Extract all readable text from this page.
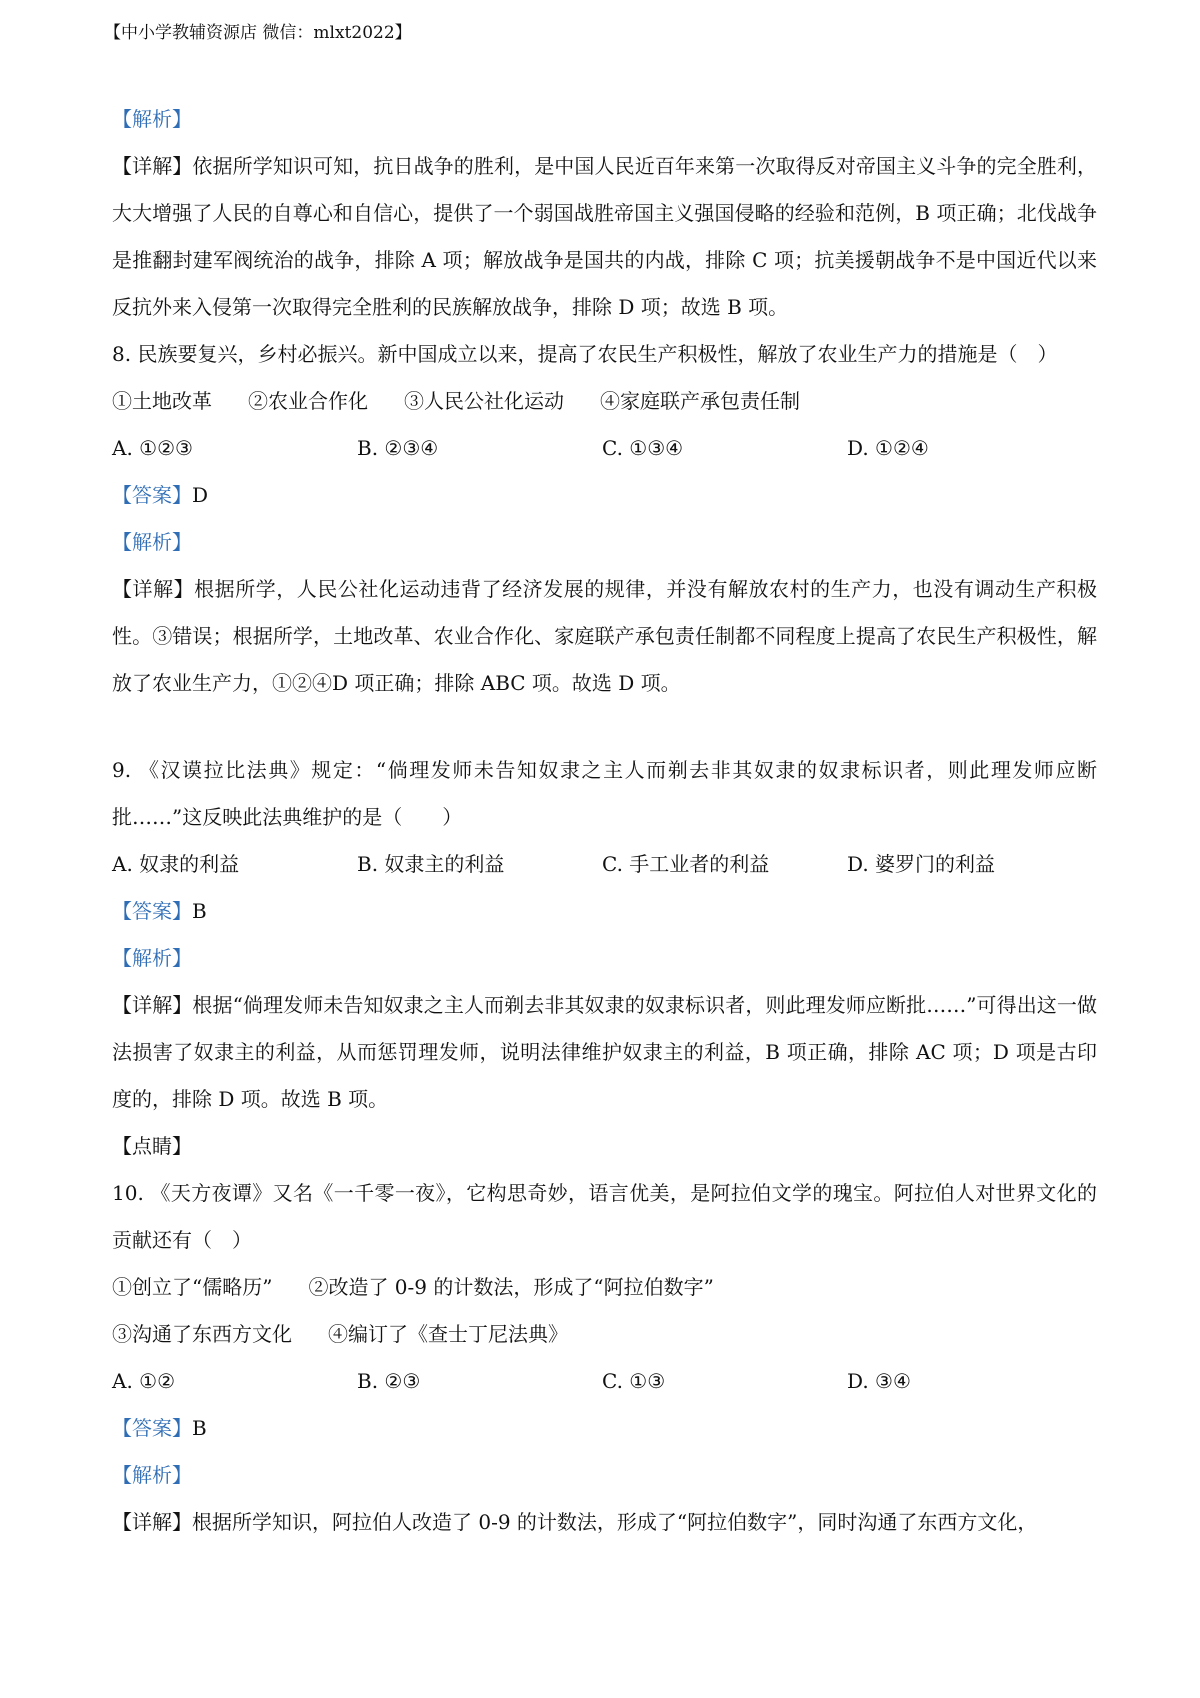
【中小学教辅资源店 微信：mlxt2022】

【解析】

【详解】依据所学知识可知，抗日战争的胜利，是中国人民近百年来第一次取得反对帝国主义斗争的完全胜利，大大增强了人民的自尊心和自信心，提供了一个弱国战胜帝国主义强国侵略的经验和范例，B 项正确；北伐战争是推翻封建军阀统治的战争，排除 A 项；解放战争是国共的内战，排除 C 项；抗美援朝战争不是中国近代以来反抗外来入侵第一次取得完全胜利的民族解放战争，排除 D 项；故选 B 项。

8. 民族要复兴，乡村必振兴。新中国成立以来，提高了农民生产积极性，解放了农业生产力的措施是（　）

①土地改革 ②农业合作化 ③人民公社化运动 ④家庭联产承包责任制

A. ①②③	B. ②③④	C. ①③④	D. ①②④

【答案】D

【解析】

【详解】根据所学，人民公社化运动违背了经济发展的规律，并没有解放农村的生产力，也没有调动生产积极性。③错误；根据所学，土地改革、农业合作化、家庭联产承包责任制都不同程度上提高了农民生产积极性，解放了农业生产力，①②④D 项正确；排除 ABC 项。故选 D 项。

9. 《汉谟拉比法典》规定：“倘理发师未告知奴隶之主人而剃去非其奴隶的奴隶标识者，则此理发师应断批……”这反映此法典维护的是（　　）

A. 奴隶的利益	B. 奴隶主的利益	C. 手工业者的利益	D. 婆罗门的利益

【答案】B

【解析】

【详解】根据“倘理发师未告知奴隶之主人而剃去非其奴隶的奴隶标识者，则此理发师应断批……”可得出这一做法损害了奴隶主的利益，从而惩罚理发师，说明法律维护奴隶主的利益，B 项正确，排除 AC 项；D 项是古印度的，排除 D 项。故选 B 项。

【点睛】

10. 《天方夜谭》又名《一千零一夜》，它构思奇妙，语言优美，是阿拉伯文学的瑰宝。阿拉伯人对世界文化的贡献还有（　）

①创立了“儒略历” ②改造了 0-9 的计数法，形成了“阿拉伯数字”

③沟通了东西方文化 ④编订了《查士丁尼法典》

A. ①②	B. ②③	C. ①③	D. ③④

【答案】B

【解析】

【详解】根据所学知识，阿拉伯人改造了 0-9 的计数法，形成了“阿拉伯数字”，同时沟通了东西方文化，
